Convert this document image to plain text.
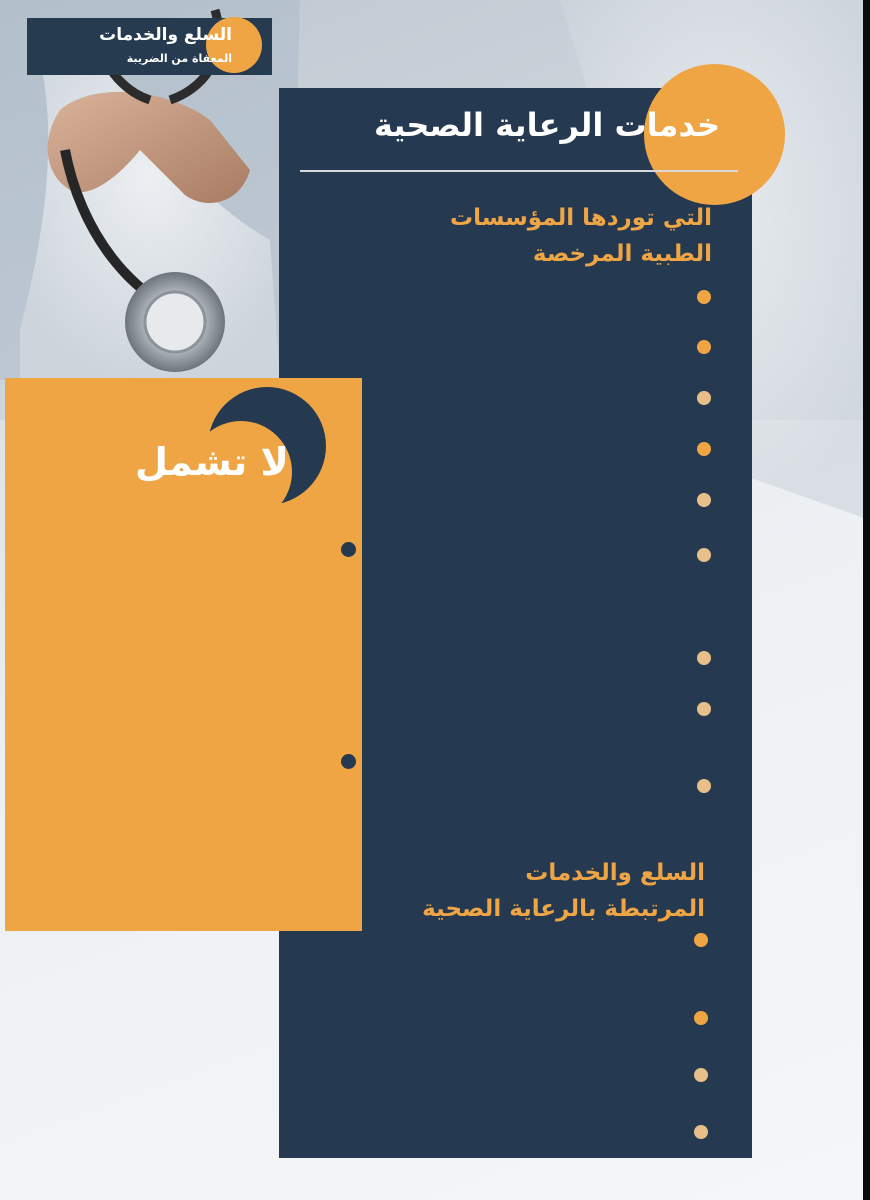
السلع والخدمات
المعفاة من الضريبة
خدمات الرعاية الصحية
التي توردها المؤسسات
الطبية المرخصة
السلع والخدمات
المرتبطة بالرعاية الصحية
لا تشمل
